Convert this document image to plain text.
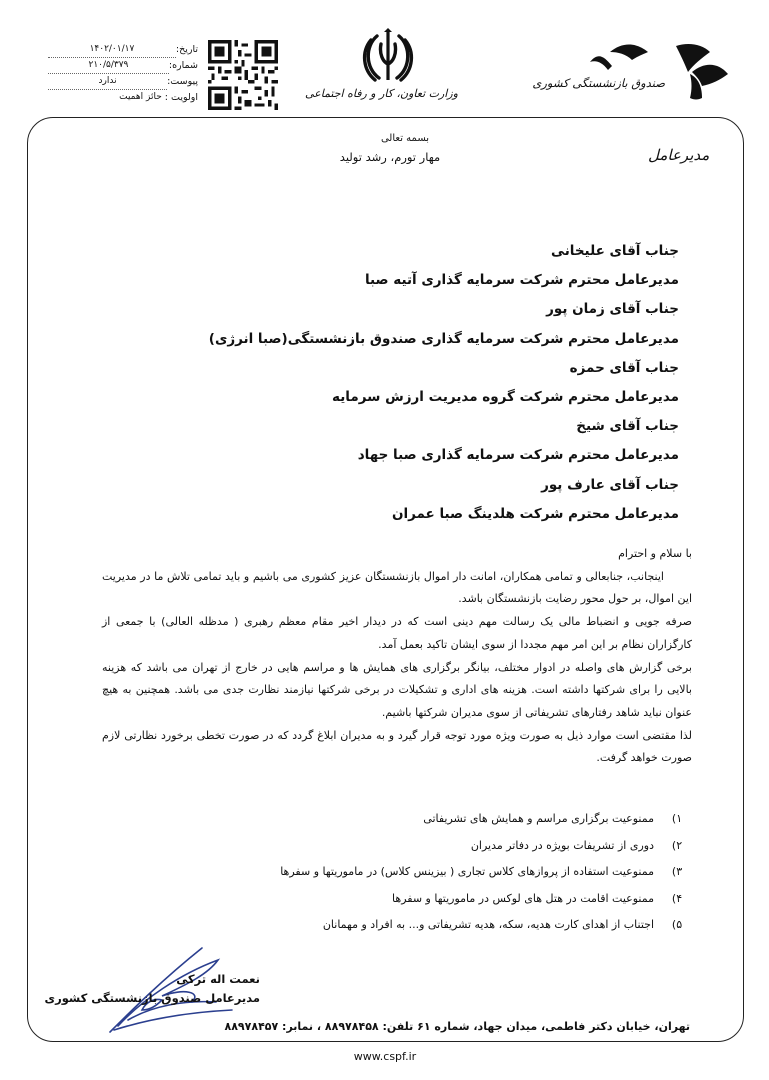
تاریخ:
۱۴۰۲/۰۱/۱۷
شماره:
۲۱۰/۵/۳۷۹
پیوست:
ندارد
اولویت :
حائز اهمیت	وزارت تعاون، کار و رفاه اجتماعی
صندوق بازنشستگی کشوری
مدیرعامل
بسمه تعالی
مهار تورم، رشد تولید
جناب آقای علیخانی
مدیرعامل محترم شرکت سرمایه گذاری آتیه صبا
جناب آقای زمان پور
مدیرعامل محترم شرکت سرمایه گذاری صندوق بازنشستگی(صبا انرژی)
جناب آقای حمزه
مدیرعامل محترم شرکت گروه مدیریت ارزش سرمایه
جناب آقای شیخ
مدیرعامل محترم شرکت سرمایه گذاری صبا جهاد
جناب آقای عارف پور
مدیرعامل محترم شرکت هلدینگ صبا عمران

با سلام و احترام

اینجانب، جنابعالی و تمامی همکاران، امانت دار اموال بازنشستگان عزیز کشوری می باشیم و باید تمامی تلاش ما در مدیریت این اموال، بر حول محور رضایت بازنشستگان باشد.

صرفه جویی و انضباط مالی یک رسالت مهم دینی است که در دیدار اخیر مقام معظم رهبری ( مدظله العالی) با جمعی از کارگزاران نظام بر این امر مهم مجددا از سوی ایشان تاکید بعمل آمد.

برخی گزارش های واصله در ادوار مختلف، بیانگر برگزاری های همایش ها و مراسم هایی در خارج از تهران می باشد که هزینه بالایی را برای شرکتها داشته است. هزینه های اداری و تشکیلات در برخی شرکتها نیازمند نظارت جدی می باشد. همچنین به هیچ عنوان نباید شاهد رفتارهای تشریفاتی از سوی مدیران شرکتها باشیم.

لذا مقتضی است موارد ذیل به صورت ویژه مورد توجه قرار گیرد و به مدیران ابلاغ گردد که در صورت تخطی برخورد نظارتی لازم صورت خواهد گرفت.

۱)
ممنوعیت برگزاری مراسم و همایش های تشریفاتی
۲)
دوری از تشریفات بویژه در دفاتر مدیران
۳)
ممنوعیت استفاده از پروازهای کلاس تجاری ( بیزینس کلاس) در ماموریتها و سفرها
۴)
ممنوعیت اقامت در هتل های لوکس در ماموریتها و سفرها
۵)
اجتناب از اهدای کارت هدیه، سکه، هدیه تشریفاتی و... به افراد و مهمانان
نعمت اله ترکی
مدیرعامل صندوق بازنشستگی کشوری
تهران، خیابان دکتر فاطمی، میدان جهاد، شماره ۶۱ تلفن: ۸۸۹۷۸۴۵۸ ، نمابر: ۸۸۹۷۸۴۵۷
www.cspf.ir
